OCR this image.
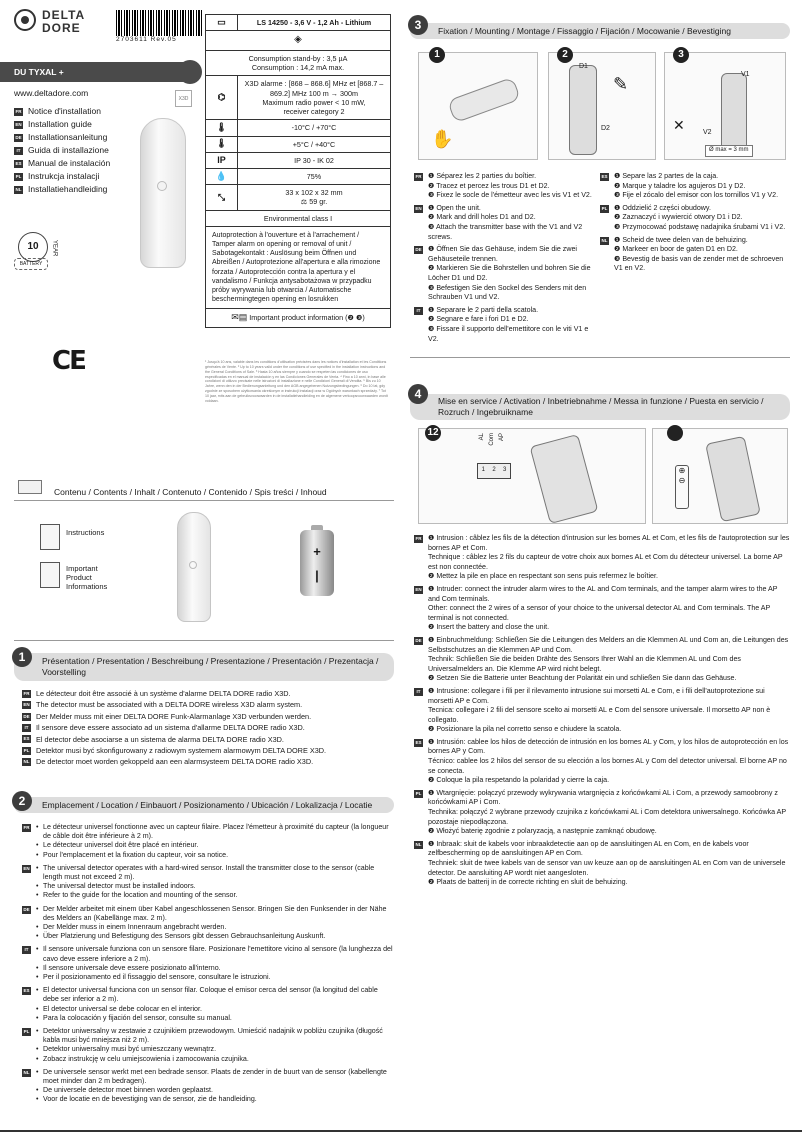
DELTA
DORE
2703611 Rev.05
DU TYXAL +
www.deltadore.com
X3D
FR Notice d'installation
EN Installation guide
DE Installationsanleitung
IT Guida di installazione
ES Manual de instalación
PL Instrukcja instalacji
NL Installatiehandleiding
10	YEAR
BATTERY
CE
▭	LS 14250 - 3,6 V - 1,2 Ah - Lithium
◈
Consumption stand-by : 3,5 µA
Consumption : 14,2 mA max.
⌬
X3D alarme : [868 – 868.6] MHz et [868.7 – 869.2] MHz 100 m → 300m
Maximum radio power < 10 mW,
receiver category 2
🌡	-10°C / +70°C
🌡	+5°C / +40°C
IP	IP 30 - IK 02
💧	75%
⤡	33 x 102 x 32 mm
⚖ 59 gr.
Environmental class I
Autoprotection à l'ouverture et à l'arrachement / Tamper alarm on opening or removal of unit / Sabotagekontakt : Auslösung beim Öffnen und Abreißen / Autoprotezione all'apertura e alla rimozione forzata / Autoprotección contra la apertura y el vandalismo / Funkcja antysabotażowa w przypadku próby wyrywania lub otwarcia / Automatische beschermingtegen opening en losrukken
✉▤ Important product information (❷ ❸)
¹ Jusqu'à 10 ans, valable dans les conditions d'utilisation précisées dans les notices d'installation et les Conditions générales de Vente. ² Up to 10 years valid under the conditions of use specified in the installation instructions and the General Conditions of Sale. ³ Hasta 10 años siempre y cuando se respeten las condiciones de uso especificadas en el manual de instalación y en las Condiciones Generales de Venta. ⁴ Fino a 10 anni, in base alle condizioni di utilizzo precisate nelle istruzioni di installazione e nelle Condizioni Generali di Vendita. ⁵ Bis zu 10 Jahre, wenn den in der Bedienungsanleitung und den AGB angegebenen Nutzungsbedingungen. ⁶ Do 10 lat, gdy zgodnie ze sposobem użytkowania określonym w instrukcji instalacji oraz w Ogólnych warunkach sprzedaży. ⁷ Tot 10 jaar, mits aan de gebruiksvoorwaarden in de installatiehandleiding en de algemene verkoopsvoorwaarden wordt voldaan.
Contenu / Contents / Inhalt / Contenuto / Contenido / Spis treści / Inhoud
Instructions
Important
Product
Informations
+
|
1	Présentation / Presentation / Beschreibung / Presentazione / Presentación / Prezentacja / Voorstelling
FR Le détecteur doit être associé à un système d'alarme DELTA DORE radio X3D.
EN The detector must be associated with a DELTA DORE wireless X3D alarm system.
DE Der Melder muss mit einer DELTA DORE Funk-Alarmanlage X3D verbunden werden.
IT	Il sensore deve essere associato ad un sistema d'allarme DELTA DORE radio X3D.
ES El detector debe asociarse a un sistema de alarma DELTA DORE radio X3D.
PL Detektor musi być skonfigurowany z radiowym systemem alarmowym DELTA DORE X3D.
NL De detector moet worden gekoppeld aan een alarmsysteem DELTA DORE radio X3D.
2	Emplacement / Location / Einbauort / Posizionamento / Ubicación / Lokalizacja / Locatie
FR	• Le détecteur universel fonctionne avec un capteur filaire. Placez l'émetteur à proximité du capteur (la longueur de câble doit être inférieure à 2 m).
• Le détecteur universel doit être placé en intérieur.
• Pour l'emplacement et la fixation du capteur, voir sa notice.
EN	• The universal detector operates with a hard-wired sensor. Install the transmitter close to the sensor (cable length must not exceed 2 m).
• The universal detector must be installed indoors.
• Refer to the guide for the location and mounting of the sensor.
DE	• Der Melder arbeitet mit einem über Kabel angeschlossenen Sensor. Bringen Sie den Funksender in der Nähe des Melders an (Kabellänge max. 2 m).
• Der Melder muss in einem Innenraum angebracht werden.
• Über Platzierung und Befestigung des Sensors gibt dessen Gebrauchsanleitung Auskunft.
IT	• Il sensore universale funziona con un sensore filare. Posizionare l'emettitore vicino al sensore (la lunghezza del cavo deve essere inferiore a 2 m).
• Il sensore universale deve essere posizionato all'interno.
• Per il posizionamento ed il fissaggio del sensore, consultare le istruzioni.
ES	• El detector universal funciona con un sensor filar. Coloque el emisor cerca del sensor (la longitud del cable debe ser inferior a 2 m).
• El detector universal se debe colocar en el interior.
• Para la colocación y fijación del sensor, consulte su manual.
PL	• Detektor uniwersalny w zestawie z czujnikiem przewodowym. Umieścić nadajnik w pobliżu czujnika (długość kabla musi być mniejsza niż 2 m).
• Detektor uniwersalny musi być umieszczany wewnątrz.
• Zobacz instrukcję w celu umiejscowienia i zamocowania czujnika.
NL	• De universele sensor werkt met een bedrade sensor. Plaats de zender in de buurt van de sensor (kabellengte moet minder dan 2 m bedragen).
• De universele detector moet binnen worden geplaatst.
• Voor de locatie en de bevestiging van de sensor, zie de handleiding.
3	Fixation / Mounting / Montage / Fissaggio / Fijación / Mocowanie / Bevestiging
1
✋
2
D1
D2
✎
3
V1
V2
✕
Ø max = 3 mm
FR ❶ Séparez les 2 parties du boîtier.
❷ Tracez et percez les trous D1 et D2.
❸ Fixez le socle de l'émetteur avec les vis V1 et V2.
EN ❶ Open the unit.
❷ Mark and drill holes D1 and D2.
❸ Attach the transmitter base with the V1 and V2 screws.
DE ❶ Öffnen Sie das Gehäuse, indem Sie die zwei Gehäuseteile trennen.
❷ Markieren Sie die Bohrstellen und bohren Sie die Löcher D1 und D2.
❸ Befestigen Sie den Sockel des Senders mit den Schrauben V1 und V2.
IT	❶ Separare le 2 parti della scatola.
❷ Segnare e fare i fori D1 e D2.
❸ Fissare il supporto dell'emettitore con le viti V1 e V2.
ES ❶ Separe las 2 partes de la caja.
❷ Marque y taladre los agujeros D1 y D2.
❸ Fije el zócalo del emisor con los tornillos V1 y V2.
PL ❶ Oddzielić 2 części obudowy.
❷ Zaznaczyć i wywiercić otwory D1 i D2.
❸ Przymocować podstawę nadajnika śrubami V1 i V2.
NL ❶ Scheid de twee delen van de behuizing.
❷ Markeer en boor de gaten D1 en D2.
❸ Bevestig de basis van de zender met de schroeven V1 en V2.
4
Mise en service / Activation / Inbetriebnahme / Messa in funzione / Puesta en servicio / Rozruch / Ingebruikname
12	AL Com AP
1 2 3	⊕
⊖
FR ❶ Intrusion : câblez les fils de la détection d'intrusion sur les bornes AL et Com, et les fils de l'autoprotection sur les bornes AP et Com.
Technique : câblez les 2 fils du capteur de votre choix aux bornes AL et Com du détecteur universel. La borne AP est non connectée.
❷ Mettez la pile en place en respectant son sens puis refermez le boîtier.
EN ❶ Intruder: connect the intruder alarm wires to the AL and Com terminals, and the tamper alarm wires to the AP and Com terminals.
Other: connect the 2 wires of a sensor of your choice to the universal detector AL and Com terminals. The AP terminal is not connected.
❷ Insert the battery and close the unit.
DE ❶ Einbruchmeldung: Schließen Sie die Leitungen des Melders an die Klemmen AL und Com an, die Leitungen des Selbstschutzes an die Klemmen AP und Com.
Technik: Schließen Sie die beiden Drähte des Sensors Ihrer Wahl an die Klemmen AL und Com des Universalmelders an. Die Klemme AP wird nicht belegt.
❷ Setzen Sie die Batterie unter Beachtung der Polarität ein und schließen Sie dann das Gehäuse.
IT	❶ Intrusione: collegare i fili per il rilevamento intrusione sui morsetti AL e Com, e i fili dell'autoprotezione sui morsetti AP e Com.
Tecnica: collegare i 2 fili del sensore scelto ai morsetti AL e Com del sensore universale. Il morsetto AP non è collegato.
❷ Posizionare la pila nel corretto senso e chiudere la scatola.
ES ❶ Intrusión: cablee los hilos de detección de intrusión en los bornes AL y Com, y los hilos de autoprotección en los bornes AP y Com.
Técnico: cablee los 2 hilos del sensor de su elección a los bornes AL y Com del detector universal. El borne AP no se conecta.
❷ Coloque la pila respetando la polaridad y cierre la caja.
PL ❶ Wtargnięcie: połączyć przewody wykrywania wtargnięcia z końcówkami AL i Com, a przewody samoobrony z końcówkami AP i Com.
Technika: połączyć 2 wybrane przewody czujnika z końcówkami AL i Com detektora uniwersalnego. Końcówka AP pozostaje niepodłączona.
❷ Włożyć baterię zgodnie z polaryzacją, a następnie zamknąć obudowę.
NL ❶ Inbraak: sluit de kabels voor inbraakdetectie aan op de aansluitingen AL en Com, en de kabels voor zelfbescherming op de aansluitingen AP en Com.
Techniek: sluit de twee kabels van de sensor van uw keuze aan op de aansluitingen AL en Com van de universele detector. De aansluiting AP wordt niet aangesloten.
❷ Plaats de batterij in de correcte richting en sluit de behuizing.
